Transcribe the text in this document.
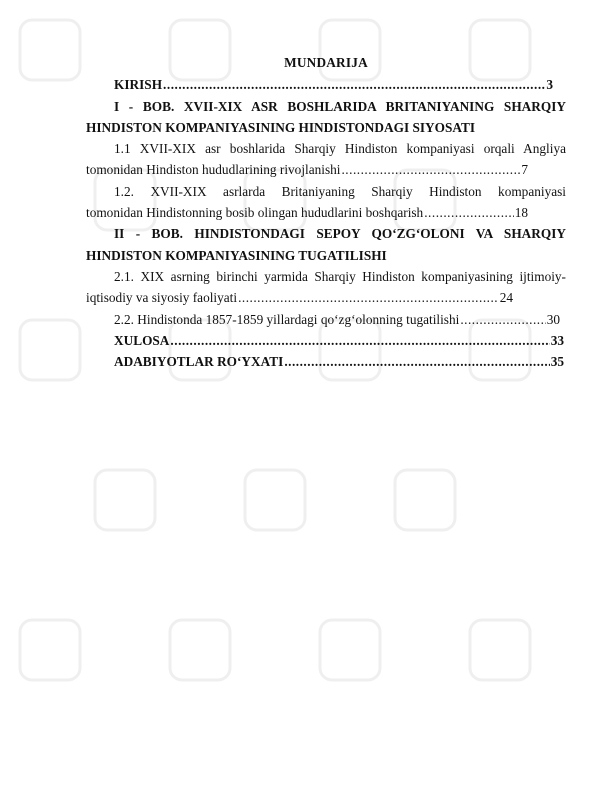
MUNDARIJA
KIRISH .....	3
I - BOB. XVII-XIX ASR BOSHLARIDA BRITANIYANING SHARQIY
HINDISTON KOMPANIYASINING HINDISTONDAGI SIYOSATI
1.1 XVII-XIX asr boshlarida Sharqiy Hindiston kompaniyasi orqali Angliya
tomonidan Hindiston hududlarining rivojlanishi .....	7
1.2. XVII-XIX asrlarda Britaniyaning Sharqiy Hindiston kompaniyasi
tomonidan Hindistonning bosib olingan hududlarini boshqarish .....	18
II - BOB. HINDISTONDAGI SEPOY QO‘ZG‘OLONI VA SHARQIY
HINDISTON KOMPANIYASINING TUGATILISHI
2.1. XIX asrning birinchi yarmida Sharqiy Hindiston kompaniyasining ijtimoiy-
iqtisodiy va siyosiy faoliyati .....	24
2.2. Hindistonda 1857-1859 yillardagi qo‘zg‘olonning tugatilishi .....	30
XULOSA .....	33
ADABIYOTLAR RO‘YXATI .....	35
